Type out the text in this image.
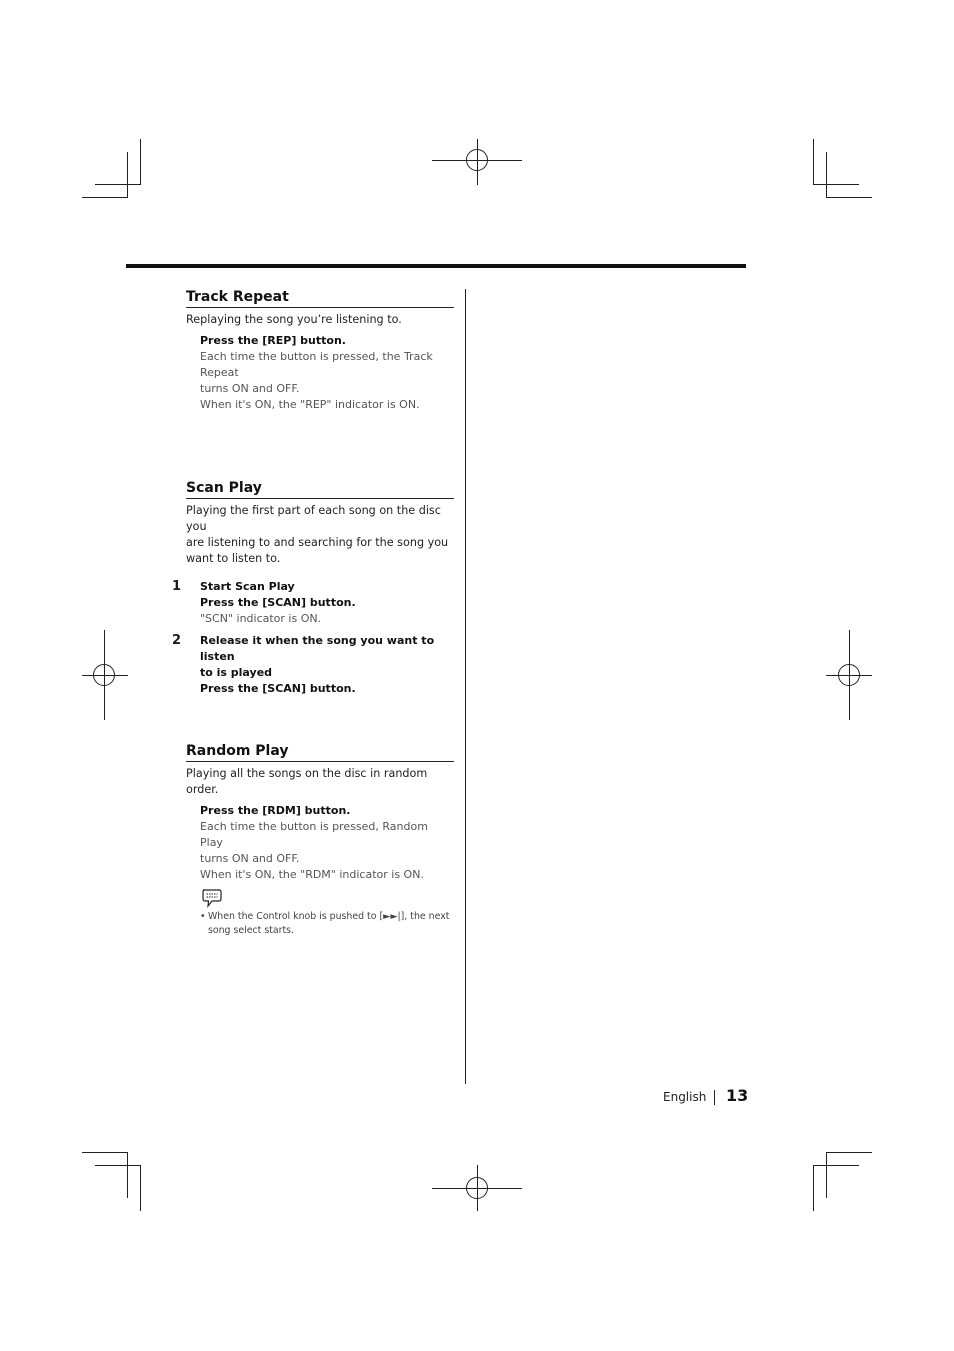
Track Repeat
Replaying the song you’re listening to.
Press the [REP] button.
Each time the button is pressed, the Track Repeat
turns ON and OFF.
When it's ON, the "REP" indicator is ON.
Scan Play
Playing the first part of each song on the disc you
are listening to and searching for the song you
want to listen to.
1 Start Scan Play
Press the [SCAN] button.
"SCN" indicator is ON.
2 Release it when the song you want to listen
to is played
Press the [SCAN] button.
Random Play
Playing all the songs on the disc in random order.
Press the [RDM] button.
Each time the button is pressed, Random Play
turns ON and OFF.
When it's ON, the "RDM" indicator is ON.
• When the Control knob is pushed to [►►|], the next
song select starts.
English 13
